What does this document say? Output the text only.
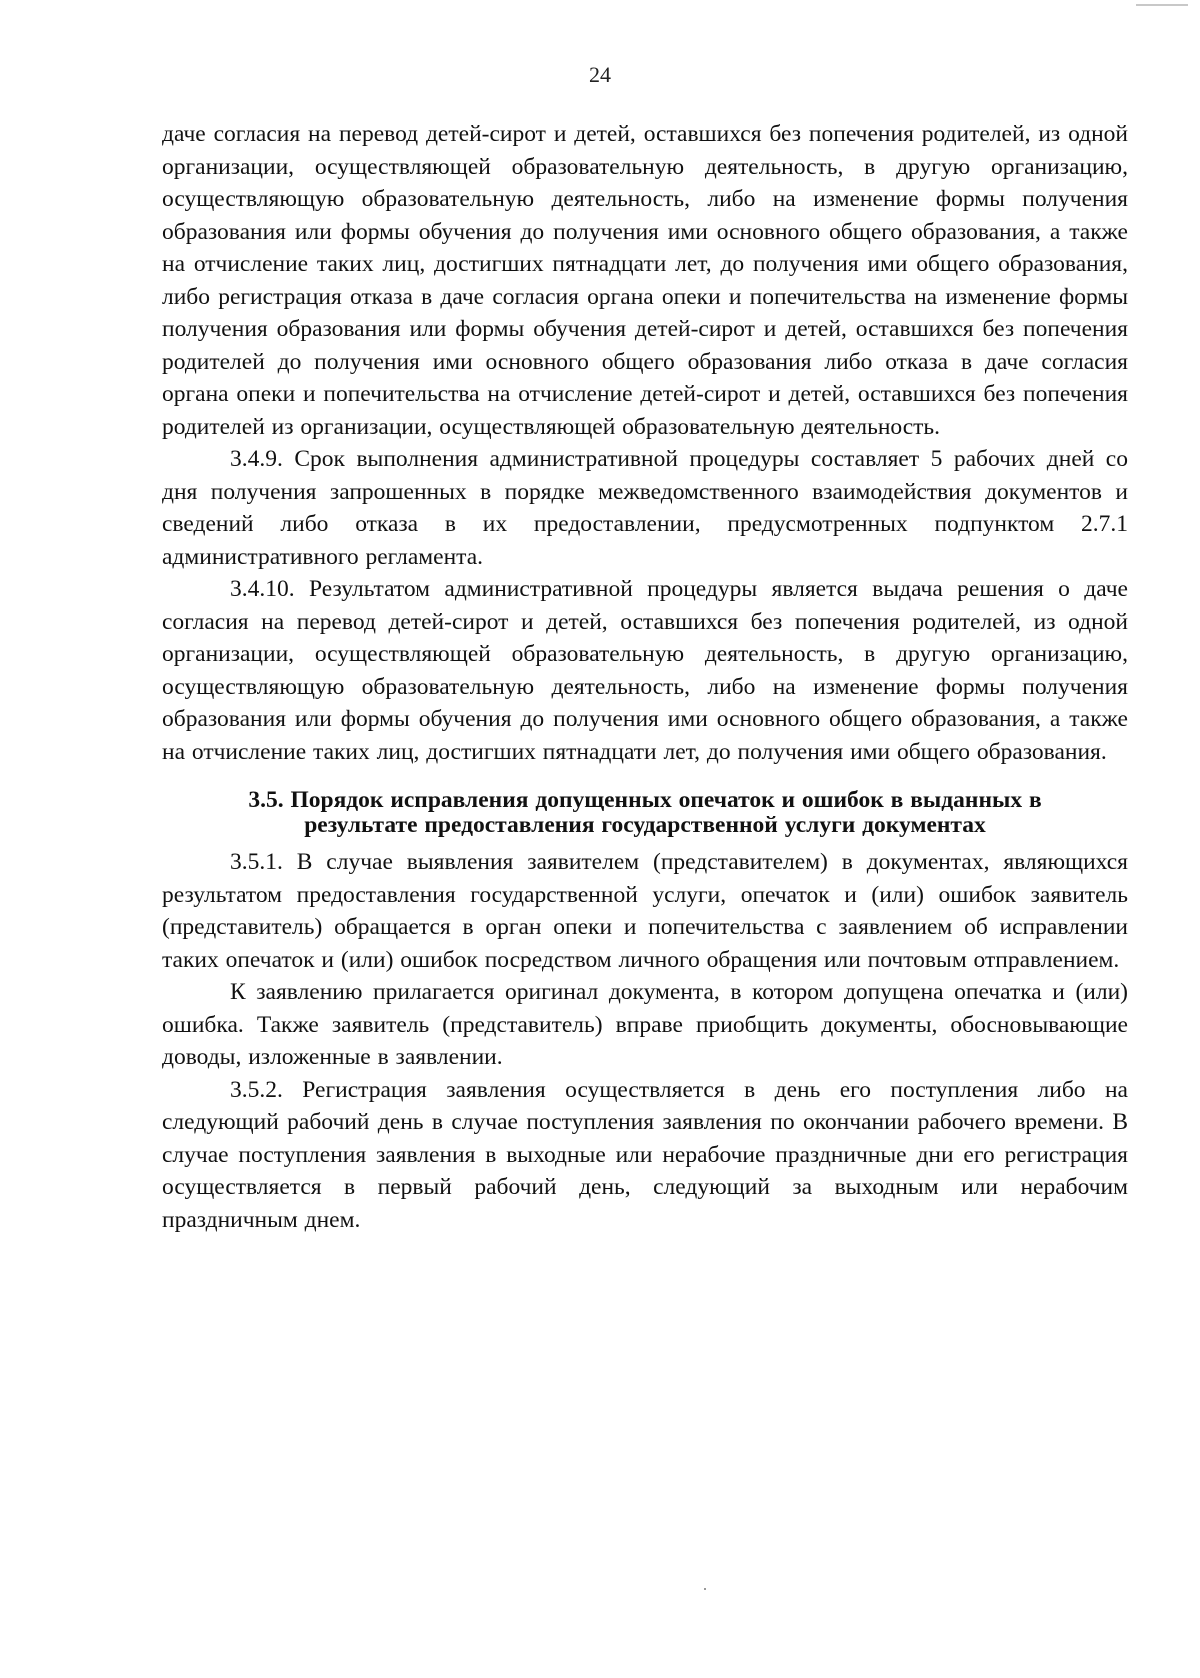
24

даче согласия на перевод детей-сирот и детей, оставшихся без попечения родителей, из одной организации, осуществляющей образовательную деятельность, в другую организацию, осуществляющую образовательную деятельность, либо на изменение формы получения образования или формы обучения до получения ими основного общего образования, а также на отчисление таких лиц, достигших пятнадцати лет, до получения ими общего образования, либо регистрация отказа в даче согласия органа опеки и попечительства на изменение формы получения образования или формы обучения детей-сирот и детей, оставшихся без попечения родителей до получения ими основного общего образования либо отказа в даче согласия органа опеки и попечительства на отчисление детей-сирот и детей, оставшихся без попечения родителей из организации, осуществляющей образовательную деятельность.

3.4.9. Срок выполнения административной процедуры составляет 5 рабочих дней со дня получения запрошенных в порядке межведомственного взаимодействия документов и сведений либо отказа в их предоставлении, предусмотренных подпунктом 2.7.1 административного регламента.

3.4.10. Результатом административной процедуры является выдача решения о даче согласия на перевод детей-сирот и детей, оставшихся без попечения родителей, из одной организации, осуществляющей образовательную деятельность, в другую организацию, осуществляющую образовательную деятельность, либо на изменение формы получения образования или формы обучения до получения ими основного общего образования, а также на отчисление таких лиц, достигших пятнадцати лет, до получения ими общего образования.

3.5. Порядок исправления допущенных опечаток и ошибок в выданных в результате предоставления государственной услуги документах

3.5.1. В случае выявления заявителем (представителем) в документах, являющихся результатом предоставления государственной услуги, опечаток и (или) ошибок заявитель (представитель) обращается в орган опеки и попечительства с заявлением об исправлении таких опечаток и (или) ошибок посредством личного обращения или почтовым отправлением.

К заявлению прилагается оригинал документа, в котором допущена опечатка и (или) ошибка. Также заявитель (представитель) вправе приобщить документы, обосновывающие доводы, изложенные в заявлении.

3.5.2. Регистрация заявления осуществляется в день его поступления либо на следующий рабочий день в случае поступления заявления по окончании рабочего времени. В случае поступления заявления в выходные или нерабочие праздничные дни его регистрация осуществляется в первый рабочий день, следующий за выходным или нерабочим праздничным днем.
